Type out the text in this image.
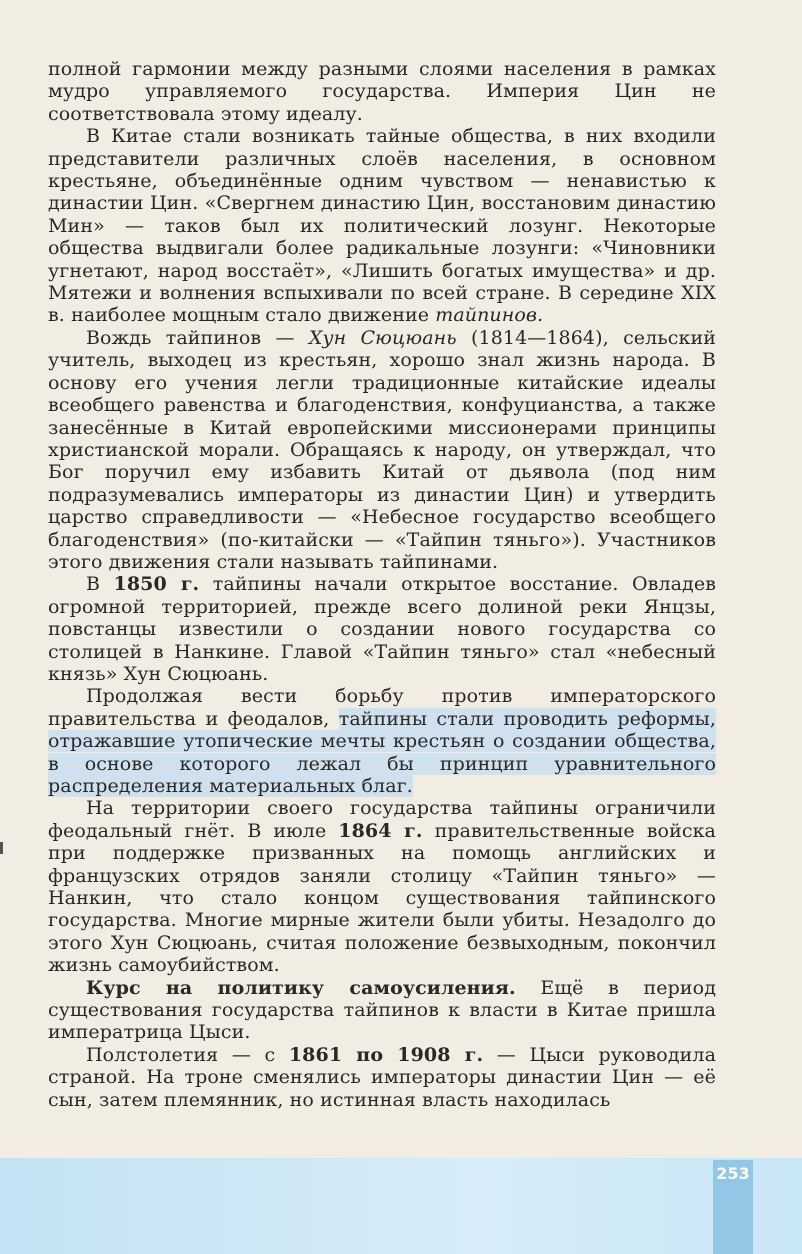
полной гармонии между разными слоями населения в рамках мудро управляемого государства. Империя Цин не соответствовала этому идеалу.

В Китае стали возникать тайные общества, в них входили представители различных слоёв населения, в основном крестьяне, объединённые одним чувством — ненавистью к династии Цин. «Свергнем династию Цин, восстановим династию Мин» — таков был их политический лозунг. Некоторые общества выдвигали более радикальные лозунги: «Чиновники угнетают, народ восстаёт», «Лишить богатых имущества» и др. Мятежи и волнения вспыхивали по всей стране. В середине XIX в. наиболее мощным стало движение тайпинов.

Вождь тайпинов — Хун Сюцюань (1814—1864), сельский учитель, выходец из крестьян, хорошо знал жизнь народа. В основу его учения легли традиционные китайские идеалы всеобщего равенства и благоденствия, конфуцианства, а также занесённые в Китай европейскими миссионерами принципы христианской морали. Обращаясь к народу, он утверждал, что Бог поручил ему избавить Китай от дьявола (под ним подразумевались императоры из династии Цин) и утвердить царство справедливости — «Небесное государство всеобщего благоденствия» (по-китайски — «Тайпин тяньго»). Участников этого движения стали называть тайпинами.

В 1850 г. тайпины начали открытое восстание. Овладев огромной территорией, прежде всего долиной реки Янцзы, повстанцы известили о создании нового государства со столицей в Нанкине. Главой «Тайпин тяньго» стал «небесный князь» Хун Сюцюань.

Продолжая вести борьбу против императорского правительства и феодалов, тайпины стали проводить реформы, отражавшие утопические мечты крестьян о создании общества, в основе которого лежал бы принцип уравнительного распределения материальных благ.

На территории своего государства тайпины ограничили феодальный гнёт. В июле 1864 г. правительственные войска при поддержке призванных на помощь английских и французских отрядов заняли столицу «Тайпин тяньго» — Нанкин, что стало концом существования тайпинского государства. Многие мирные жители были убиты. Незадолго до этого Хун Сюцюань, считая положение безвыходным, покончил жизнь самоубийством.

Курс на политику самоусиления. Ещё в период существования государства тайпинов к власти в Китае пришла императрица Цыси.

Полстолетия — с 1861 по 1908 г. — Цыси руководила страной. На троне сменялись императоры династии Цин — её сын, затем племянник, но истинная власть находилась

253
